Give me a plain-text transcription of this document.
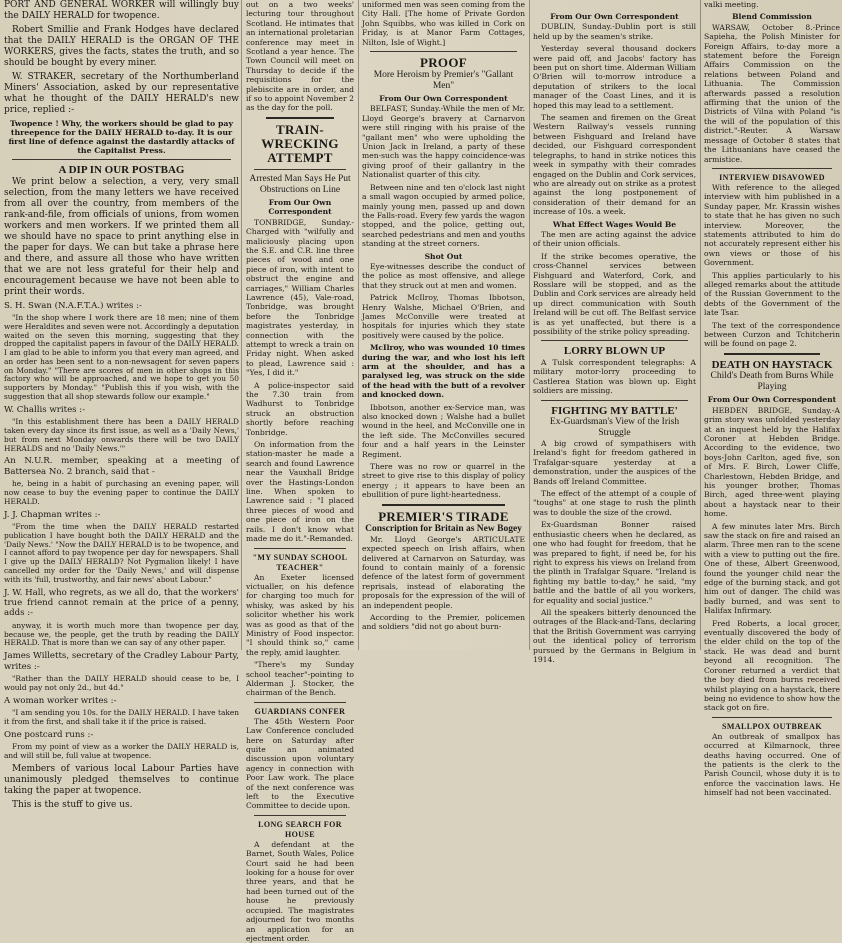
PORT AND GENERAL WORKER will willingly buy the DAILY HERALD for twopence.

Robert Smillie and Frank Hodges have declared that the DAILY HERALD is the ORGAN OF THE WORKERS, gives the facts, states the truth, and so should be bought by every miner.

W. STRAKER, secretary of the Northumberland Miners' Association, asked by our representative what he thought of the DAILY HERALD's new price, replied :-

Twopence ! Why, the workers should be glad to pay threepence for the DAILY HERALD to-day. It is our first line of defence against the dastardly attacks of the Capitalist Press.
A DIP IN OUR POSTBAG

We print below a selection, a very, very small selection, from the many letters we have received from all over the country, from members of the rank-and-file, from officials of unions, from women workers and men workers. If we printed them all we should have no space to print anything else in the paper for days. We can but take a phrase here and there, and assure all those who have written that we are not less grateful for their help and encouragement because we have not been able to print their words.

S. H. Swan (N.A.F.T.A.) writes :-

"In the shop where I work there are 18 men; nine of them were Heraldites and seven were not. Accordingly a deputation waited on the seven this morning, suggesting that they dropped the capitalist papers in favour of the DAILY HERALD. I am glad to be able to inform you that every man agreed, and an order has been sent to a non-newsagent for seven papers on Monday." "There are scores of men in other shops in this factory who will be approached, and we hope to get you 50 supporters by Monday." "Publish this if you wish, with the suggestion that all shop stewards follow our example."

W. Challis writes :-

"In this establishment there has been a DAILY HERALD taken every day since its first issue, as well as a 'Daily News,' but from next Monday onwards there will be two DAILY HERALDS and no 'Daily News.'"

An N.U.R. member, speaking at a meeting of Battersea No. 2 branch, said that -

he, being in a habit of purchasing an evening paper, will now cease to buy the evening paper to continue the DAILY HERALD.

J. J. Chapman writes :-

"From the time when the DAILY HERALD restarted publication I have bought both the DAILY HERALD and the 'Daily News.' "Now the DAILY HERALD is to be twopence, and I cannot afford to pay twopence per day for newspapers. Shall I give up the DAILY HERALD? Not Pygmalion likely! I have cancelled my order for the 'Daily News,' and will dispense with its 'full, trustworthy, and fair news' about Labour."

J. W. Hall, who regrets, as we all do, that the workers' true friend cannot remain at the price of a penny, adds :-

anyway, it is worth much more than twopence per day, because we, the people, get the truth by reading the DAILY HERALD. That is more than we can say of any other paper.

James Willetts, secretary of the Cradley Labour Party, writes :-

"Rather than the DAILY HERALD should cease to be, I would pay not only 2d., but 4d."

A woman worker writes :-

"I am sending you 10s. for the DAILY HERALD. I have taken it from the first, and shall take it if the price is raised.

One postcard runs :-

From my point of view as a worker the DAILY HERALD is, and will still be, full value at twopence.

Members of various local Labour Parties have unanimously pledged themselves to continue taking the paper at twopence.

This is the stuff to give us.

out on a two weeks' lecturing tour throughout Scotland. He intimates that an international proletarian conference may meet in Scotland a year hence. The Town Council will meet on Thursday to decide if the requisitions for the plebiscite are in order, and if so to appoint November 2 as the day for the poll.

TRAIN-WRECKING ATTEMPT
Arrested Man Says He Put Obstructions on Line
From Our Own Correspondent

TONBRIDGE, Sunday.-Charged with "wilfully and maliciously placing upon the S.E. and C.R. line three pieces of wood and one piece of iron, with intent to obstruct the engine and carriages," William Charles Lawrence (45), Vale-road, Tonbridge, was brought before the Tonbridge magistrates yesterday, in connection with the attempt to wreck a train on Friday night. When asked to plead, Lawrence said : "Yes, I did it."

A police-inspector said the 7.30 train from Wadhurst to Tonbridge struck an obstruction shortly before reaching Tonbridge.

On information from the station-master he made a search and found Lawrence near the Vauxhall Bridge over the Hastings-London line. When spoken to Lawrence said : "I placed three pieces of wood and one piece of iron on the rails. I don't know what made me do it."-Remanded.

"MY SUNDAY SCHOOL TEACHER"

An Exeter licensed victualler, on his defence for charging too much for whisky, was asked by his solicitor whether his work was as good as that of the Ministry of Food inspector. "I should think so," came the reply, amid laughter.

"There's my Sunday school teacher"-pointing to Alderman J. Stocker, the chairman of the Bench.

GUARDIANS CONFER

The 45th Western Poor Law Conference concluded here on Saturday after quite an animated discussion upon voluntary agency in connection with Poor Law work. The place of the next conference was left to the Executive Committee to decide upon.

LONG SEARCH FOR HOUSE

A defendant at the Barnet, South Wales, Police Court said he had been looking for a house for over three years, and that he had been turned out of the house he previously occupied. The magistrates adjourned for two months an application for an ejectment order.

uniformed men was seen coming from the City Hall. [The home of Private Gordon John Squibbs, who was killed in Cork on Friday, is at Manor Farm Cottages, Nilton, Isle of Wight.]

PROOF
More Heroism by Premier's "Gallant Men"
From Our Own Correspondent

BELFAST, Sunday.-While the men of Mr. Lloyd George's bravery at Carnarvon were still ringing with his praise of the "gallant men" who were upholding the Union Jack in Ireland, a party of these men-such was the happy coincidence-was giving proof of their gallantry in the Nationalist quarter of this city.

Between nine and ten o'clock last night a small wagon occupied by armed police, mainly young men, passed up and down the Falls-road. Every few yards the wagon stopped, and the police, getting out, searched pedestrians and men and youths standing at the street corners.

Shot Out

Eye-witnesses describe the conduct of the police as most offensive, and allege that they struck out at men and women.

Patrick McIlroy, Thomas Ibbotson, Henry Walshe, Michael O'Brien, and James McConville were treated at hospitals for injuries which they state positively were caused by the police.

McIlroy, who was wounded 10 times during the war, and who lost his left arm at the shoulder, and has a paralysed leg, was struck on the side of the head with the butt of a revolver and knocked down.

Ibbotson, another ex-Service man, was also knocked down ; Walshe had a bullet wound in the heel, and McConville one in the left side. The McConvilles secured four and a half years in the Leinster Regiment.

There was no row or quarrel in the street to give rise to this display of policy energy ; it appears to have been an ebullition of pure light-heartedness.

PREMIER'S TIRADE
Conscription for Britain as New Bogey

Mr. Lloyd George's ARTICULATE expected speech on Irish affairs, when delivered at Carnarvon on Saturday, was found to contain mainly of a forensic defence of the latest form of government reprisals, instead of elaborating the proposals for the expression of the will of an independent people.

According to the Premier, policemen and soldiers "did not go about burn-

From Our Own Correspondent

DUBLIN, Sunday.-Dublin port is still held up by the seamen's strike.

Yesterday several thousand dockers were paid off, and Jacobs' factory has been put on short time. Alderman William O'Brien will to-morrow introduce a deputation of strikers to the local manager of the Coast Lines, and it is hoped this may lead to a settlement.

The seamen and firemen on the Great Western Railway's vessels running between Fishguard and Ireland have decided, our Fishguard correspondent telegraphs, to hand in strike notices this week in sympathy with their comrades engaged on the Dublin and Cork services, who are already out on strike as a protest against the long postponement of consideration of their demand for an increase of 10s. a week.

What Effect Wages Would Be

The men are acting against the advice of their union officials.

If the strike becomes operative, the cross-Channel services between Fishguard and Waterford, Cork, and Rosslare will be stopped, and as the Dublin and Cork services are already held up direct communication with South Ireland will be cut off. The Belfast service is as yet unaffected, but there is a possibility of the strike policy spreading.

LORRY BLOWN UP

A Tulsk correspondent telegraphs: A military motor-lorry proceeding to Castlerea Station was blown up. Eight soldiers are missing.

FIGHTING MY BATTLE'
Ex-Guardsman's View of the Irish Struggle

A big crowd of sympathisers with Ireland's fight for freedom gathered in Trafalgar-square yesterday at a demonstration, under the auspices of the Bands off Ireland Committee.

The effect of the attempt of a couple of "toughs" at one stage to rush the plinth was to double the size of the crowd.

Ex-Guardsman Bonner raised enthusiastic cheers when he declared, as one who had fought for freedom, that he was prepared to fight, if need be, for his right to express his views on Ireland from the plinth in Trafalgar Square. "Ireland is fighting my battle to-day," he said, "my battle and the battle of all you workers, for equality and social justice."

All the speakers bitterly denounced the outrages of the Black-and-Tans, declaring that the British Government was carrying out the identical policy of terrorism pursued by the Germans in Belgium in 1914.

valki meeting.

Blend Commission

WARSAW, October 8.-Prince Sapieha, the Polish Minister for Foreign Affairs, to-day more a statement before the Foreign Affairs Commission on the relations between Poland and Lithuania. The Commission afterwards passed a resolution affirming that the union of the Districts of Vilna with Poland "is the will of the population of this district."-Reuter. A Warsaw message of October 8 states that the Lithuanians have ceased the armistice.

INTERVIEW DISAVOWED

With reference to the alleged interview with him published in a Sunday paper, Mr. Krassin wishes to state that he has given no such interview. Moreover, the statements attributed to him do not accurately represent either his own views or those of his Government.

This applies particularly to his alleged remarks about the attitude of the Russian Government to the debts of the Government of the late Tsar.

The text of the correspondence between Curzon and Tchitcherin will be found on page 2.

DEATH ON HAYSTACK
Child's Death from Burns While Playing
From Our Own Correspondent

HEBDEN BRIDGE, Sunday.-A grim story was unfolded yesterday at an inquest held by the Halifax Coroner at Hebden Bridge. According to the evidence, two boys-John Carlton, aged five, son of Mrs. F. Birch, Lower Cliffe, Charlestown, Hebden Bridge, and his younger brother, Thomas Birch, aged three-went playing about a haystack near to their home.

A few minutes later Mrs. Birch saw the stack on fire and raised an alarm. Three men ran to the scene with a view to putting out the fire. One of these, Albert Greenwood, found the younger child near the edge of the burning stack, and got him out of danger. The child was badly burned, and was sent to Halifax Infirmary.

Fred Roberts, a local grocer, eventually discovered the body of the elder child on the top of the stack. He was dead and burnt beyond all recognition. The Coroner returned a verdict that the boy died from burns received whilst playing on a haystack, there being no evidence to show how the stack got on fire.

SMALLPOX OUTBREAK

An outbreak of smallpox has occurred at Kilmarnock, three deaths having occurred. One of the patients is the clerk to the Parish Council, whose duty it is to enforce the vaccination laws. He himself had not been vaccinated.
